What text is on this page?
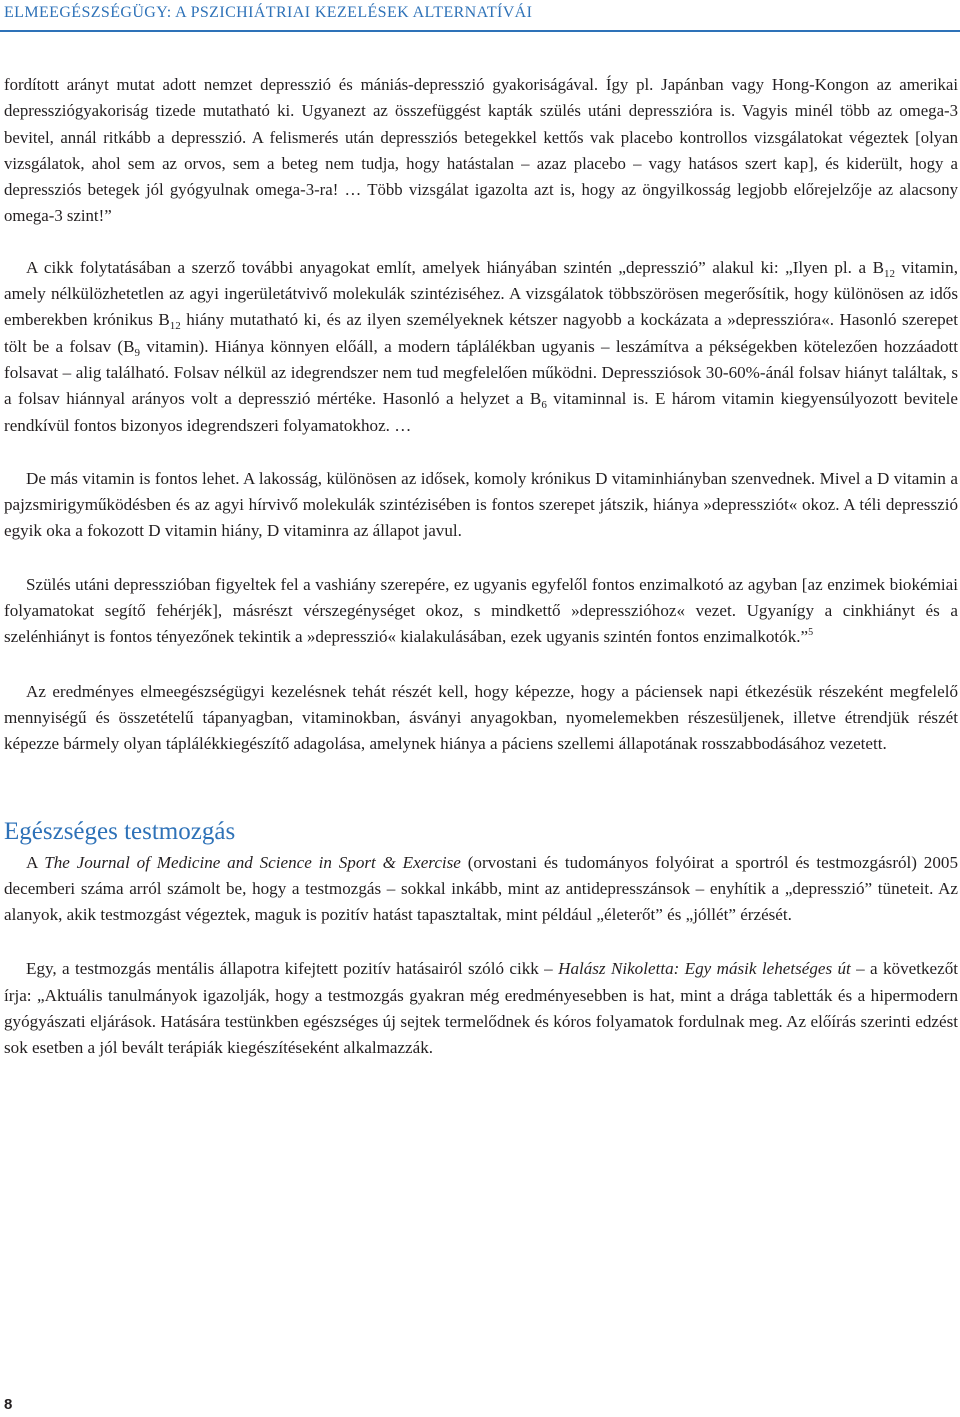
ELMEEGÉSZSÉGÜGY: A PSZICHIÁTRIAI KEZELÉSEK ALTERNATÍVÁI

fordított arányt mutat adott nemzet depresszió és mániás-depresszió gyakoriságával. Így pl. Japánban vagy Hong-Kongon az amerikai depressziógyakoriság tizede mutatható ki. Ugyanezt az összefüggést kapták szülés utáni depresszióra is. Vagyis minél több az omega-3 bevitel, annál ritkább a depresszió. A felismerés után depressziós betegekkel kettős vak placebo kontrollos vizsgálatokat végeztek [olyan vizsgálatok, ahol sem az orvos, sem a beteg nem tudja, hogy hatástalan – azaz placebo – vagy hatásos szert kap], és kiderült, hogy a depressziós betegek jól gyógyulnak omega-3-ra! … Több vizsgálat igazolta azt is, hogy az öngyilkosság legjobb előrejelzője az alacsony omega-3 szint!”

A cikk folytatásában a szerző további anyagokat említ, amelyek hiányában szintén „depresszió” alakul ki: „Ilyen pl. a $B_{12}$ vitamin, amely nélkülözhetetlen az agyi ingerületátvivő molekulák szintéziséhez. A vizsgálatok többszörösen megerősítik, hogy különösen az idős emberekben krónikus $B_{12}$ hiány mutatható ki, és az ilyen személyeknek kétszer nagyobb a kockázata a »depresszióra«. Hasonló szerepet tölt be a folsav ($B_9$ vitamin). Hiánya könnyen előáll, a modern táplálékban ugyanis – leszámítva a pékségekben kötelezően hozzáadott folsavat – alig található. Folsav nélkül az idegrendszer nem tud megfelelően működni. Depressziósok 30-60%-ánál folsav hiányt találtak, s a folsav hiánnyal arányos volt a depresszió mértéke. Hasonló a helyzet a $B_6$ vitaminnal is. E három vitamin kiegyensúlyozott bevitele rendkívül fontos bizonyos idegrendszeri folyamatokhoz. …

De más vitamin is fontos lehet. A lakosság, különösen az idősek, komoly krónikus D vitaminhiányban szenvednek. Mivel a D vitamin a pajzsmirigyműködésben és az agyi hírvivő molekulák szintézisében is fontos szerepet játszik, hiánya »depressziót« okoz. A téli depresszió egyik oka a fokozott D vitamin hiány, D vitaminra az állapot javul.

Szülés utáni depresszióban figyeltek fel a vashiány szerepére, ez ugyanis egyfelől fontos enzimalkotó az agyban [az enzimek biokémiai folyamatokat segítő fehérjék], másrészt vérszegénységet okoz, s mindkettő »depresszióhoz« vezet. Ugyanígy a cinkhiányt és a szelénhiányt is fontos tényezőnek tekintik a »depresszió« kialakulásában, ezek ugyanis szintén fontos enzimalkotók.”$^5$

Az eredményes elmeegészségügyi kezelésnek tehát részét kell, hogy képezze, hogy a páciensek napi étkezésük részeként megfelelő mennyiségű és összetételű tápanyagban, vitaminokban, ásványi anyagokban, nyomelemekben részesüljenek, illetve étrendjük részét képezze bármely olyan táplálékkiegészítő adagolása, amelynek hiánya a páciens szellemi állapotának rosszabbodásához vezetett.

Egészséges testmozgás

A The Journal of Medicine and Science in Sport & Exercise (orvostani és tudományos folyóirat a sportról és testmozgásról) 2005 decemberi száma arról számolt be, hogy a testmozgás – sokkal inkább, mint az antidepresszánsok – enyhítik a „depresszió” tüneteit. Az alanyok, akik testmozgást végeztek, maguk is pozitív hatást tapasztaltak, mint például „életerőt” és „jóllét” érzését.

Egy, a testmozgás mentális állapotra kifejtett pozitív hatásairól szóló cikk – Halász Nikoletta: Egy másik lehetséges út – a következőt írja: „Aktuális tanulmányok igazolják, hogy a testmozgás gyakran még eredményesebben is hat, mint a drága tabletták és a hipermodern gyógyászati eljárások. Hatására testünkben egészséges új sejtek termelődnek és kóros folyamatok fordulnak meg. Az előírás szerinti edzést sok esetben a jól bevált terápiák kiegészítéseként alkalmazzák.

8
